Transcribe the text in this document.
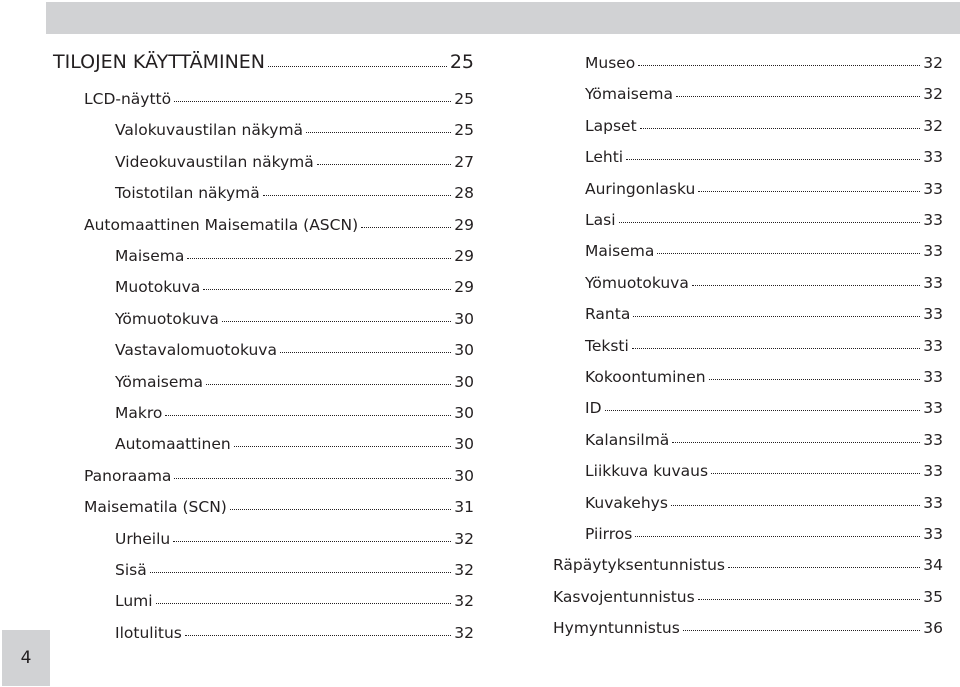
4
TILOJEN KÄYTTÄMINEN	25
LCD-näyttö	25
Valokuvaustilan näkymä	25
Videokuvaustilan näkymä	27
Toistotilan näkymä	28
Automaattinen Maisematila (ASCN)	29
Maisema	29
Muotokuva	29
Yömuotokuva	30
Vastavalomuotokuva	30
Yömaisema	30
Makro	30
Automaattinen	30
Panoraama	30
Maisematila (SCN)	31
Urheilu	32
Sisä	32
Lumi	32
Ilotulitus	32
Museo	32
Yömaisema	32
Lapset	32
Lehti	33
Auringonlasku	33
Lasi	33
Maisema	33
Yömuotokuva	33
Ranta	33
Teksti	33
Kokoontuminen	33
ID	33
Kalansilmä	33
Liikkuva kuvaus	33
Kuvakehys	33
Piirros	33
Räpäytyksentunnistus	34
Kasvojentunnistus	35
Hymyntunnistus	36
